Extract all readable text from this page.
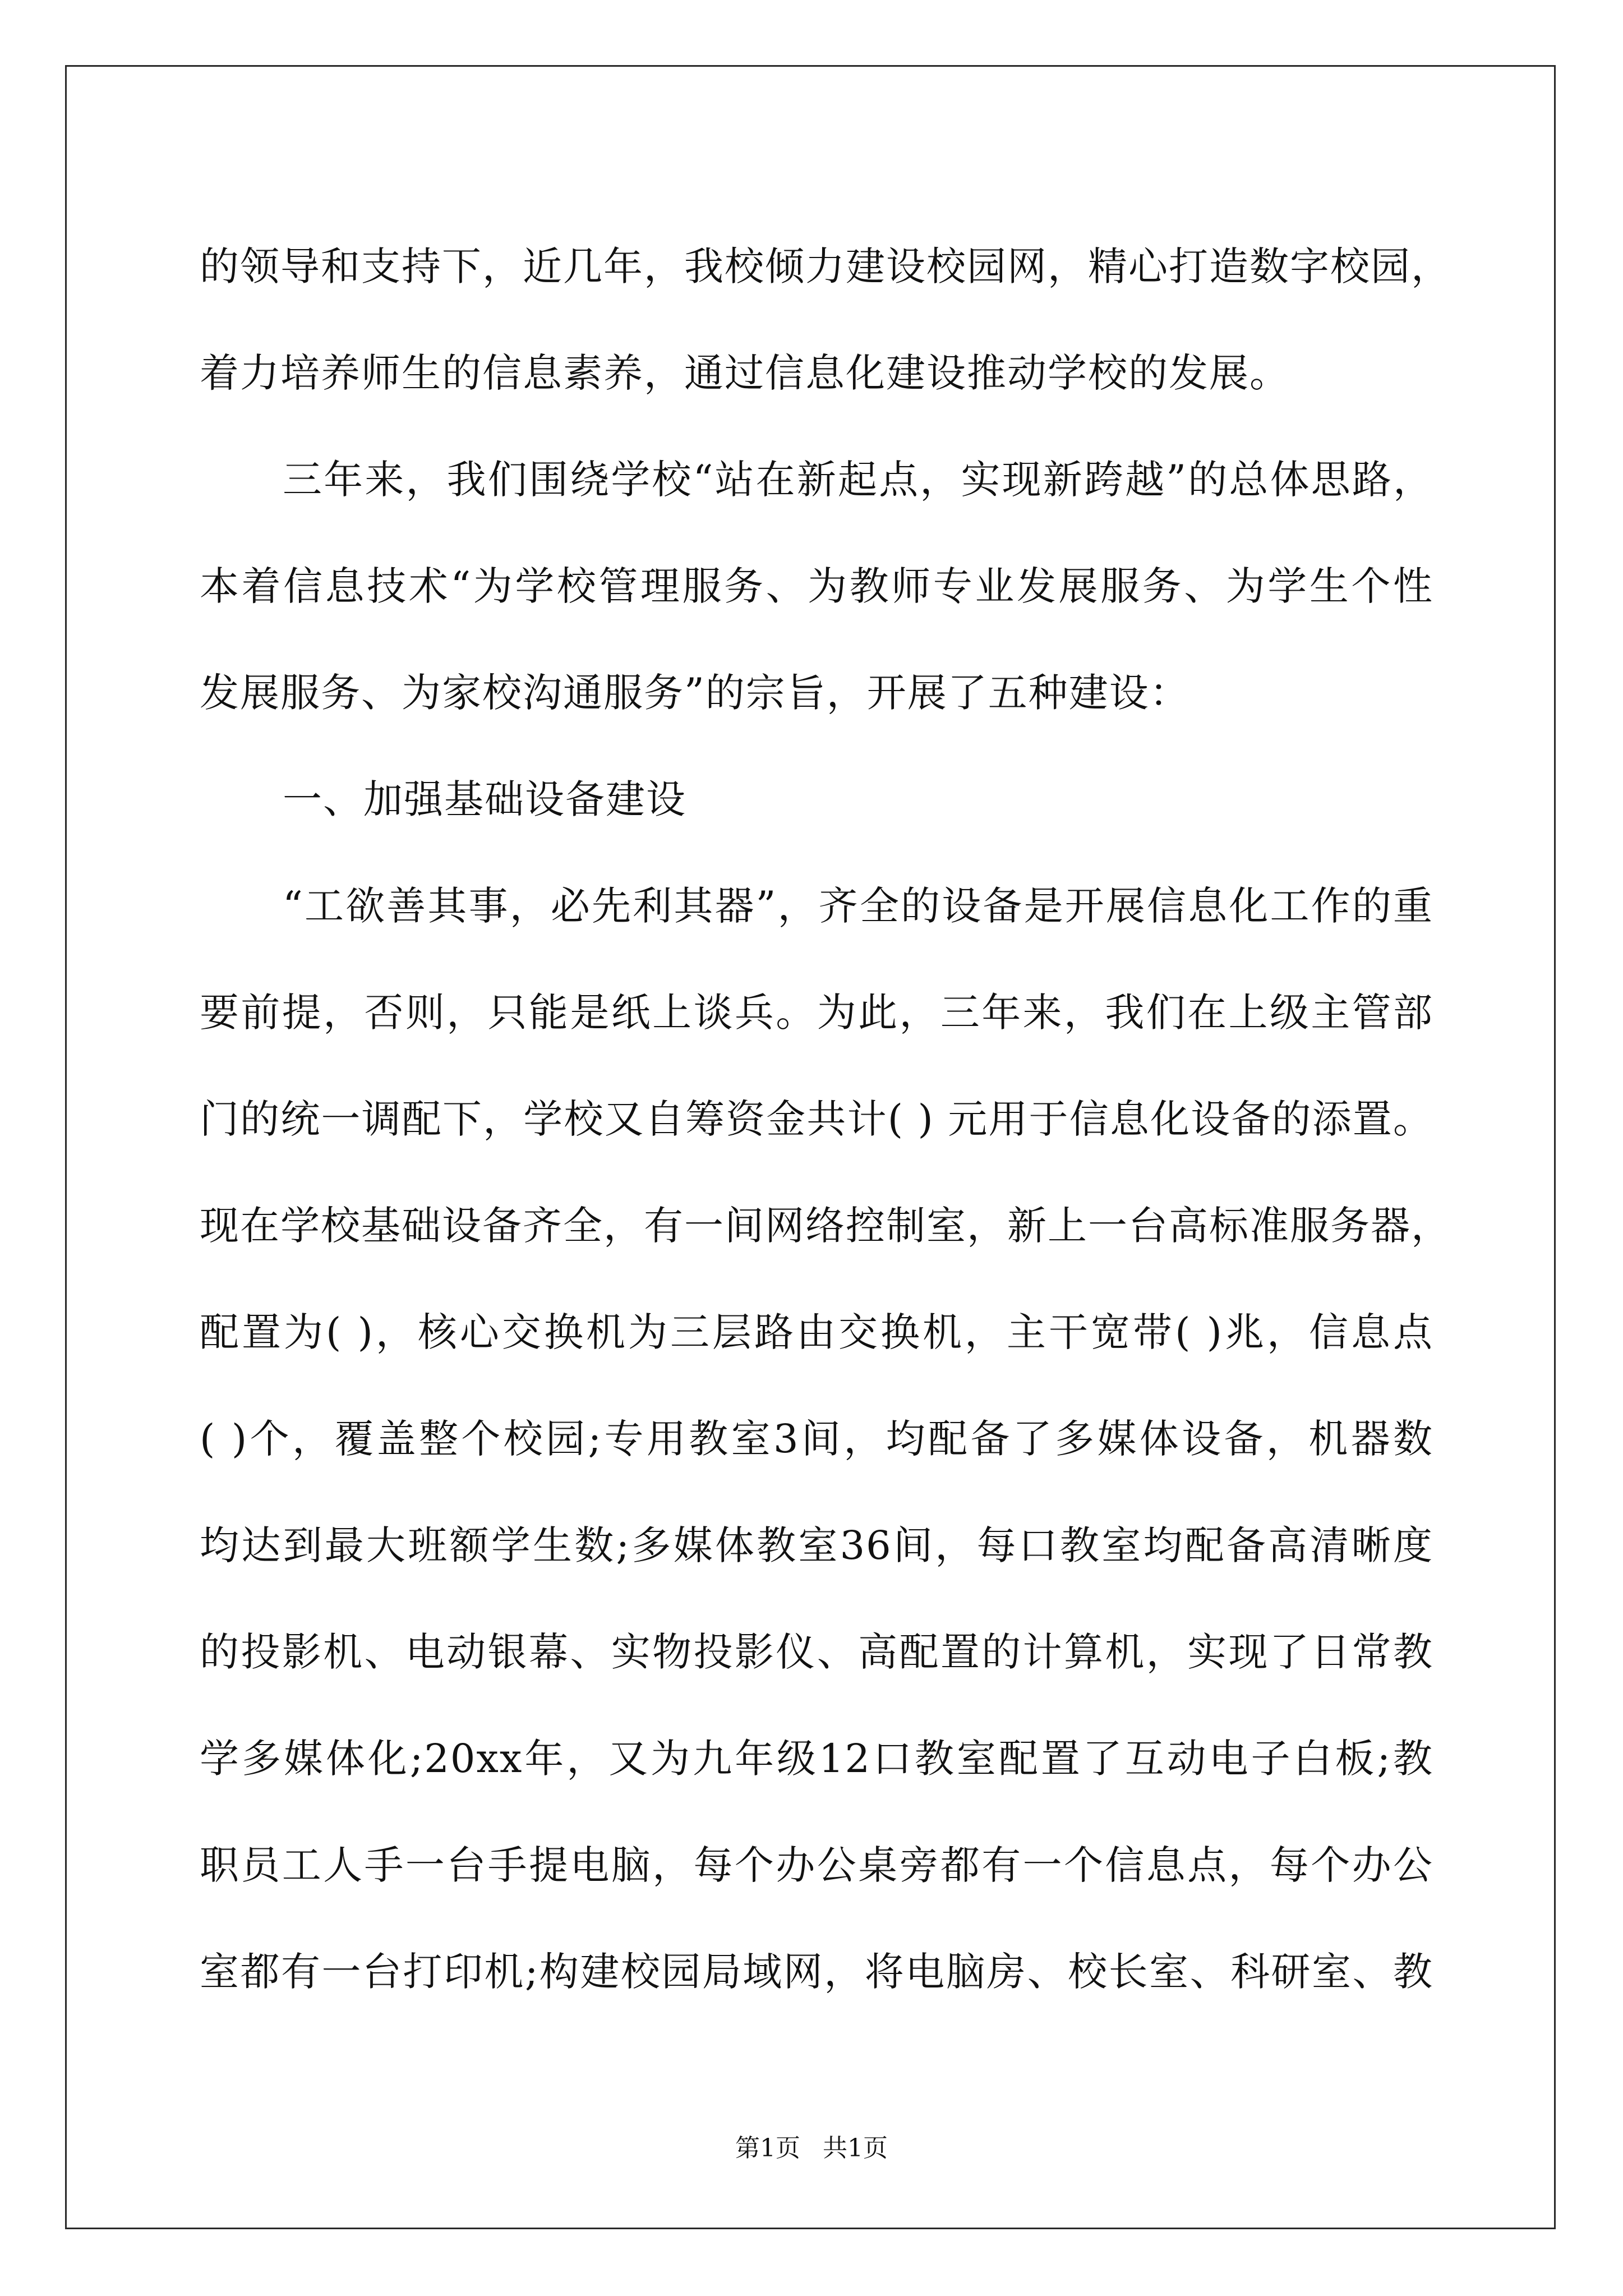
的领导和支持下，近几年，我校倾力建设校园网，精心打造数字校园，
着力培养师生的信息素养，通过信息化建设推动学校的发展。
三年来，我们围绕学校“站在新起点，实现新跨越”的总体思路，
本着信息技术“为学校管理服务、为教师专业发展服务、为学生个性
发展服务、为家校沟通服务”的宗旨，开展了五种建设：
一、加强基础设备建设
“工欲善其事，必先利其器”，齐全的设备是开展信息化工作的重
要前提，否则，只能是纸上谈兵。为此，三年来，我们在上级主管部
门的统一调配下，学校又自筹资金共计( ) 元用于信息化设备的添置。
现在学校基础设备齐全，有一间网络控制室，新上一台高标准服务器，
配置为( )，核心交换机为三层路由交换机，主干宽带( )兆，信息点
( )个，覆盖整个校园;专用教室3间，均配备了多媒体设备，机器数
均达到最大班额学生数;多媒体教室36间，每口教室均配备高清晰度
的投影机、电动银幕、实物投影仪、高配置的计算机，实现了日常教
学多媒体化;20xx年，又为九年级12口教室配置了互动电子白板;教
职员工人手一台手提电脑，每个办公桌旁都有一个信息点，每个办公
室都有一台打印机;构建校园局域网，将电脑房、校长室、科研室、教
第1页 共1页
